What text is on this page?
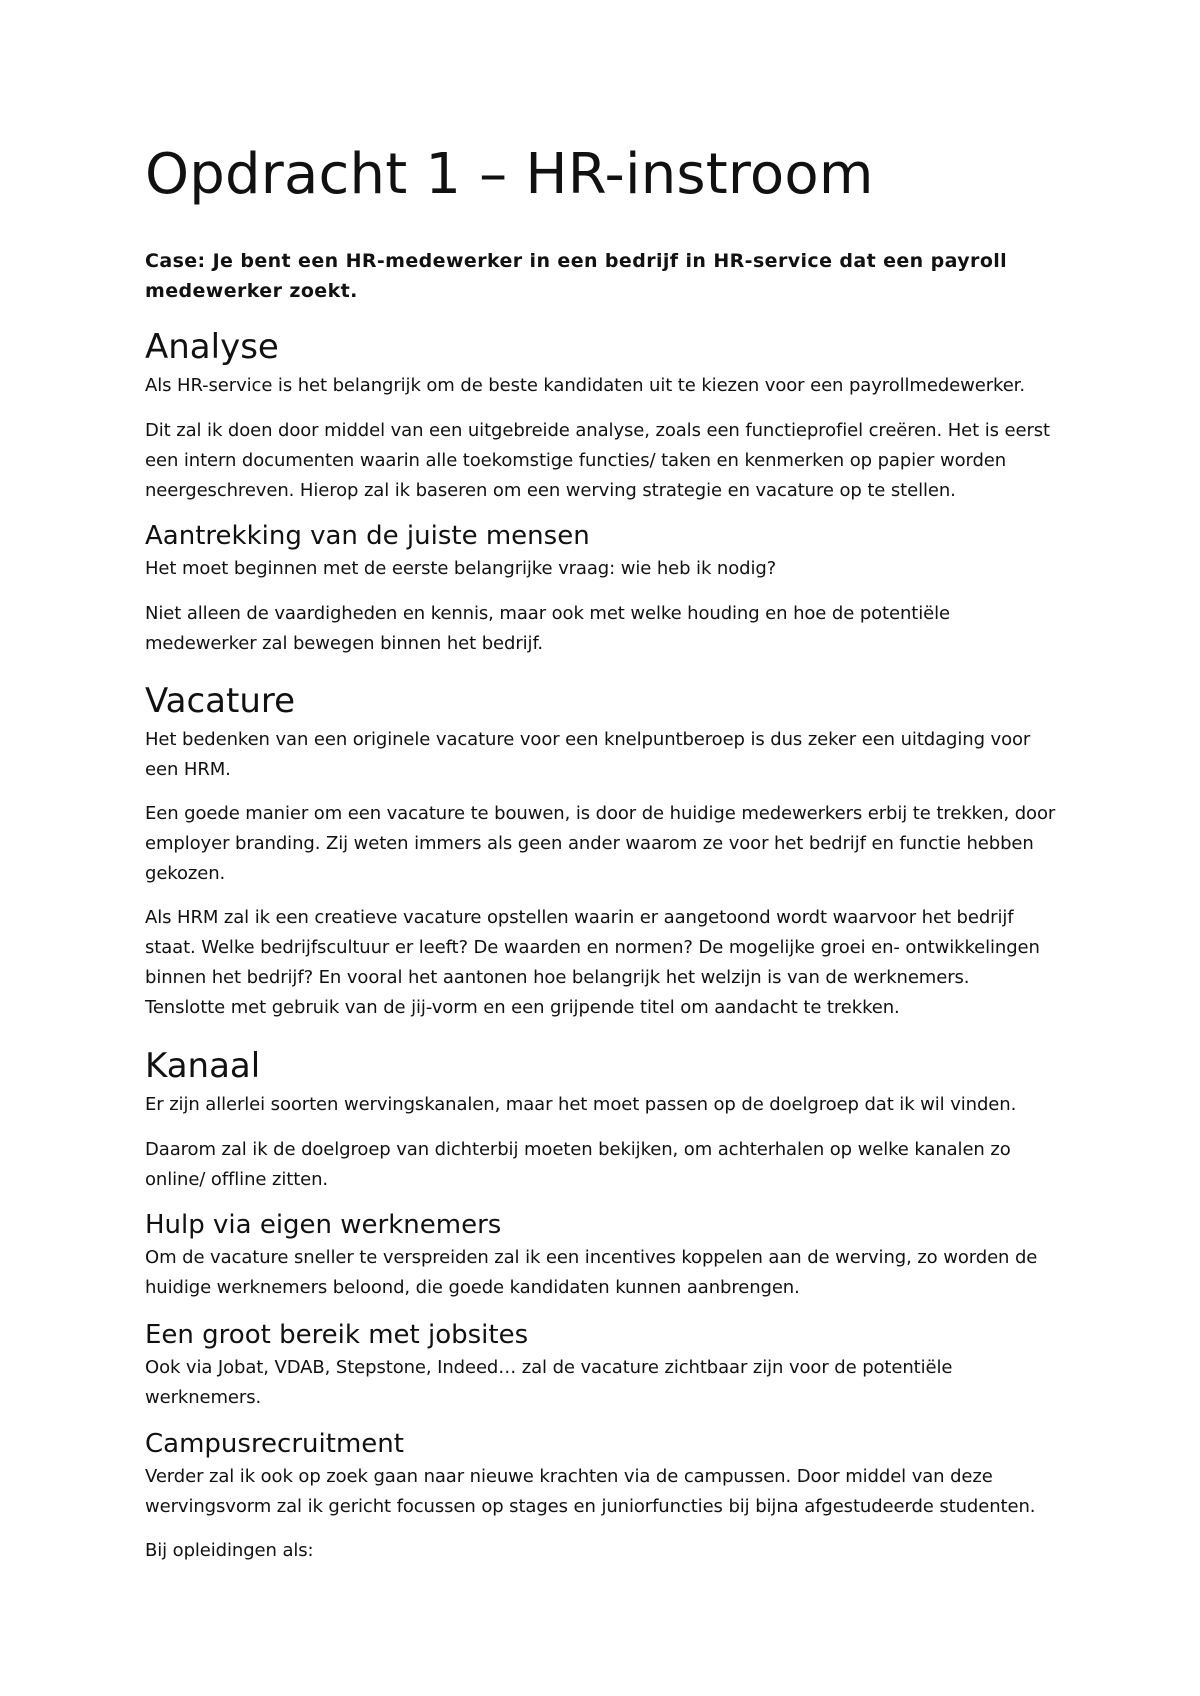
Opdracht 1 – HR-instroom

Case: Je bent een HR-medewerker in een bedrijf in HR-service dat een payroll
medewerker zoekt.

Analyse

Als HR-service is het belangrijk om de beste kandidaten uit te kiezen voor een payrollmedewerker.

Dit zal ik doen door middel van een uitgebreide analyse, zoals een functieprofiel creëren. Het is eerst
een intern documenten waarin alle toekomstige functies/ taken en kenmerken op papier worden
neergeschreven. Hierop zal ik baseren om een werving strategie en vacature op te stellen.

Aantrekking van de juiste mensen

Het moet beginnen met de eerste belangrijke vraag: wie heb ik nodig?

Niet alleen de vaardigheden en kennis, maar ook met welke houding en hoe de potentiële
medewerker zal bewegen binnen het bedrijf.

Vacature

Het bedenken van een originele vacature voor een knelpuntberoep is dus zeker een uitdaging voor
een HRM.

Een goede manier om een vacature te bouwen, is door de huidige medewerkers erbij te trekken, door
employer branding. Zij weten immers als geen ander waarom ze voor het bedrijf en functie hebben
gekozen.

Als HRM zal ik een creatieve vacature opstellen waarin er aangetoond wordt waarvoor het bedrijf
staat. Welke bedrijfscultuur er leeft? De waarden en normen? De mogelijke groei en- ontwikkelingen
binnen het bedrijf? En vooral het aantonen hoe belangrijk het welzijn is van de werknemers.
Tenslotte met gebruik van de jij-vorm en een grijpende titel om aandacht te trekken.

Kanaal

Er zijn allerlei soorten wervingskanalen, maar het moet passen op de doelgroep dat ik wil vinden.

Daarom zal ik de doelgroep van dichterbij moeten bekijken, om achterhalen op welke kanalen zo
online/ offline zitten.

Hulp via eigen werknemers

Om de vacature sneller te verspreiden zal ik een incentives koppelen aan de werving, zo worden de
huidige werknemers beloond, die goede kandidaten kunnen aanbrengen.

Een groot bereik met jobsites

Ook via Jobat, VDAB, Stepstone, Indeed… zal de vacature zichtbaar zijn voor de potentiële
werknemers.

Campusrecruitment

Verder zal ik ook op zoek gaan naar nieuwe krachten via de campussen. Door middel van deze
wervingsvorm zal ik gericht focussen op stages en juniorfuncties bij bijna afgestudeerde studenten.

Bij opleidingen als:
